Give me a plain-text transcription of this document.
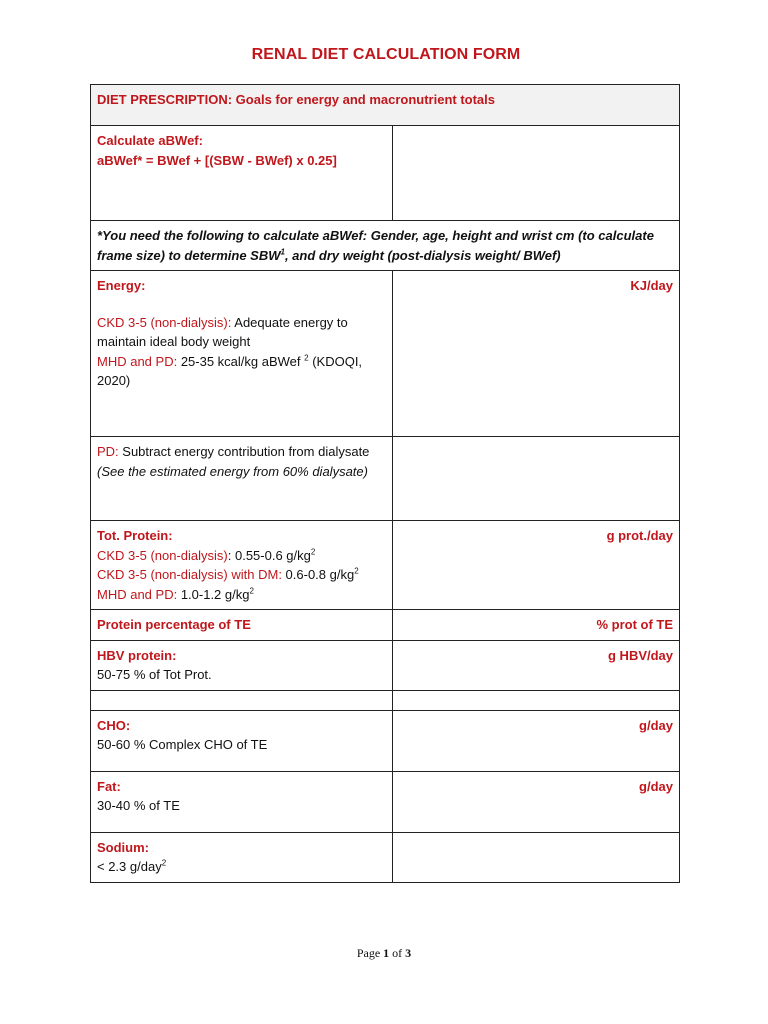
RENAL DIET CALCULATION FORM
DIET PRESCRIPTION: Goals for energy and macronutrient totals	

Calculate aBWef:
aBWef* = BWef + [(SBW - BWef) x 0.25]	

*You need the following to calculate aBWef: Gender, age, height and wrist cm (to calculate frame size) to determine SBW$^1$, and dry weight (post-dialysis weight/ BWef)	

Energy:
CKD 3-5 (non-dialysis): Adequate energy to maintain ideal body weight
MHD and PD: 25-35 kcal/kg aBWef $^2$ (KDOQI, 2020)	KJ/day

PD: Subtract energy contribution from dialysate
(See the estimated energy from 60% dialysate)	

Tot. Protein:
CKD 3-5 (non-dialysis): 0.55-0.6 $g/kg^2$
CKD 3-5 (non-dialysis) with DM: 0.6-0.8 $g/kg^2$
MHD and PD: 1.0-1.2 $g/kg^2$	g prot./day
Protein percentage of TE	% prot of TE

HBV protein:
50-75 % of Tot Prot.	g HBV/day

CHO:
50-60 % Complex CHO of TE	g/day

Fat:
30-40 % of TE	g/day

Sodium:
< 2.3 g/day$^2$

Page 1 of 3
